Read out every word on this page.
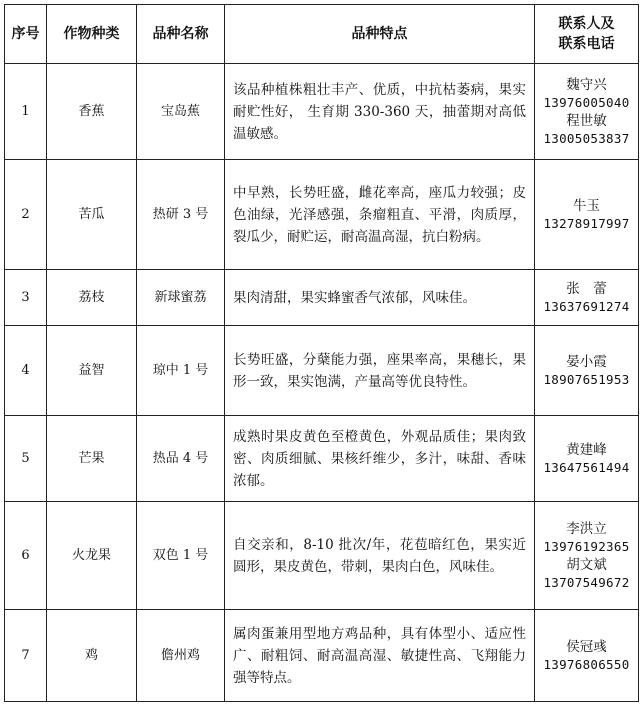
序号	作物种类	品种名称	品种特点	联系人及
联系电话

1	香蕉	宝岛蕉	该品种植株粗壮丰产、优质，中抗枯萎病，果实耐贮性好， 生育期 330-360 天，抽蕾期对高低温敏感。	魏守兴
13976005040
程世敏
13005053837

2	苦瓜	热研 3 号	中早熟，长势旺盛，雌花率高，座瓜力较强；皮色油绿，光泽感强，条瘤粗直、平滑，肉质厚，裂瓜少，耐贮运，耐高温高湿，抗白粉病。	牛玉
13278917997

3	荔枝	新球蜜荔	果肉清甜，果实蜂蜜香气浓郁，风味佳。	张　蕾
13637691274

4	益智	琼中 1 号	长势旺盛，分蘖能力强，座果率高，果穗长，果形一致，果实饱满，产量高等优良特性。	晏小霞
18907651953

5	芒果	热品 4 号	成熟时果皮黄色至橙黄色，外观品质佳；果肉致密、肉质细腻、果核纤维少，多汁，味甜、香味浓郁。	黄建峰
13647561494

6	火龙果	双色 1 号	自交亲和，8-10 批次/年，花苞暗红色，果实近圆形，果皮黄色，带刺，果肉白色，风味佳。	李洪立
13976192365
胡文斌
13707549672

7	鸡	儋州鸡	属肉蛋兼用型地方鸡品种，具有体型小、适应性广、耐粗饲、耐高温高湿、敏捷性高、飞翔能力强等特点。	侯冠彧
13976806550
